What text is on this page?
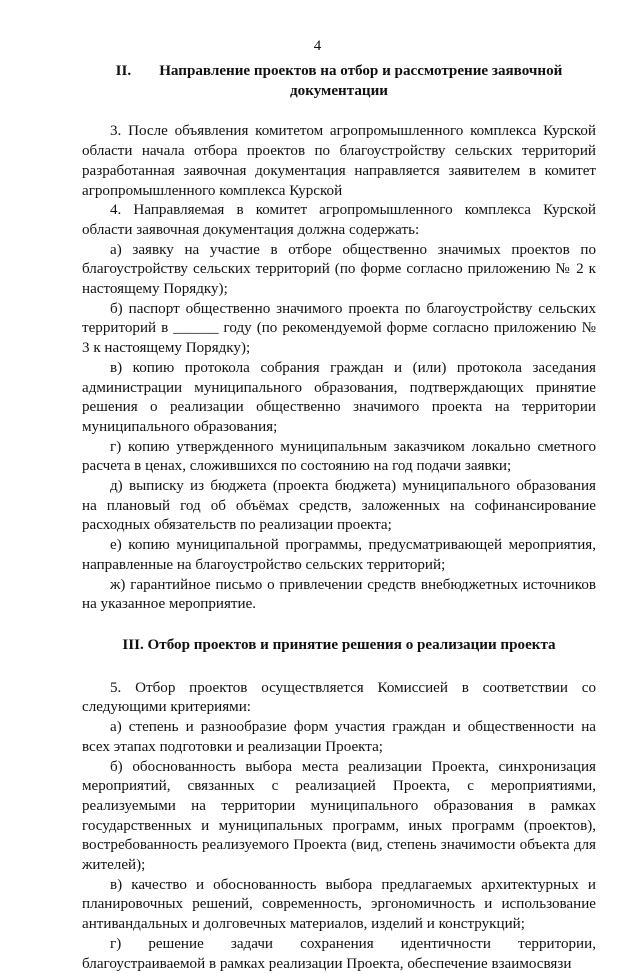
4
II. Направление проектов на отбор и рассмотрение заявочной документации

3. После объявления комитетом агропромышленного комплекса Курской области начала отбора проектов по благоустройству сельских территорий разработанная заявочная документация направляется заявителем в комитет агропромышленного комплекса Курской

4. Направляемая в комитет агропромышленного комплекса Курской области заявочная документация должна содержать:

а) заявку на участие в отборе общественно значимых проектов по благоустройству сельских территорий (по форме согласно приложению № 2 к настоящему Порядку);

б) паспорт общественно значимого проекта по благоустройству сельских территорий в ______ году (по рекомендуемой форме согласно приложению № 3 к настоящему Порядку);

в) копию протокола собрания граждан и (или) протокола заседания администрации муниципального образования, подтверждающих принятие решения о реализации общественно значимого проекта на территории муниципального образования;

г) копию утвержденного муниципальным заказчиком локально сметного расчета в ценах, сложившихся по состоянию на год подачи заявки;

д) выписку из бюджета (проекта бюджета) муниципального образования на плановый год об объёмах средств, заложенных на софинансирование расходных обязательств по реализации проекта;

е) копию муниципальной программы, предусматривающей мероприятия, направленные на благоустройство сельских территорий;

ж) гарантийное письмо о привлечении средств внебюджетных источников на указанное мероприятие.

III. Отбор проектов и принятие решения о реализации проекта

5. Отбор проектов осуществляется Комиссией в соответствии со следующими критериями:

а) степень и разнообразие форм участия граждан и общественности на всех этапах подготовки и реализации Проекта;

б) обоснованность выбора места реализации Проекта, синхронизация мероприятий, связанных с реализацией Проекта, с мероприятиями, реализуемыми на территории муниципального образования в рамках государственных и муниципальных программ, иных программ (проектов), востребованность реализуемого Проекта (вид, степень значимости объекта для жителей);

в) качество и обоснованность выбора предлагаемых архитектурных и планировочных решений, современность, эргономичность и использование антивандальных и долговечных материалов, изделий и конструкций;

г) решение задачи сохранения идентичности территории, благоустраиваемой в рамках реализации Проекта, обеспечение взаимосвязи
